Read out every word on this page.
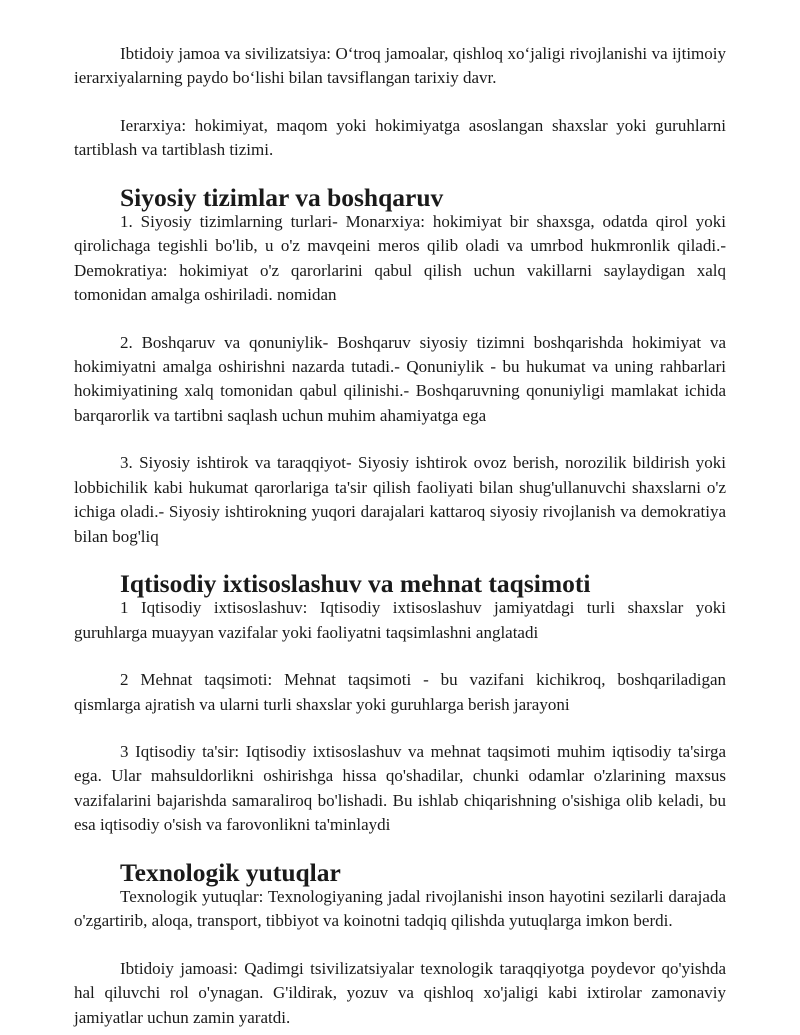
Ibtidoiy jamoa va sivilizatsiya: O‘troq jamoalar, qishloq xo‘jaligi rivojlanishi va ijtimoiy ierarxiyalarning paydo bo‘lishi bilan tavsiflangan tarixiy davr.

Ierarxiya: hokimiyat, maqom yoki hokimiyatga asoslangan shaxslar yoki guruhlarni tartiblash va tartiblash tizimi.

Siyosiy tizimlar va boshqaruv

1. Siyosiy tizimlarning turlari- Monarxiya: hokimiyat bir shaxsga, odatda qirol yoki qirolichaga tegishli bo'lib, u o'z mavqeini meros qilib oladi va umrbod hukmronlik qiladi.- Demokratiya: hokimiyat o'z qarorlarini qabul qilish uchun vakillarni saylaydigan xalq tomonidan amalga oshiriladi. nomidan

2. Boshqaruv va qonuniylik- Boshqaruv siyosiy tizimni boshqarishda hokimiyat va hokimiyatni amalga oshirishni nazarda tutadi.- Qonuniylik - bu hukumat va uning rahbarlari hokimiyatining xalq tomonidan qabul qilinishi.- Boshqaruvning qonuniyligi mamlakat ichida barqarorlik va tartibni saqlash uchun muhim ahamiyatga ega

3. Siyosiy ishtirok va taraqqiyot- Siyosiy ishtirok ovoz berish, norozilik bildirish yoki lobbichilik kabi hukumat qarorlariga ta'sir qilish faoliyati bilan shug'ullanuvchi shaxslarni o'z ichiga oladi.- Siyosiy ishtirokning yuqori darajalari kattaroq siyosiy rivojlanish va demokratiya bilan bog'liq

Iqtisodiy ixtisoslashuv va mehnat taqsimoti

1 Iqtisodiy ixtisoslashuv: Iqtisodiy ixtisoslashuv jamiyatdagi turli shaxslar yoki guruhlarga muayyan vazifalar yoki faoliyatni taqsimlashni anglatadi

2 Mehnat taqsimoti: Mehnat taqsimoti - bu vazifani kichikroq, boshqariladigan qismlarga ajratish va ularni turli shaxslar yoki guruhlarga berish jarayoni

3 Iqtisodiy ta'sir: Iqtisodiy ixtisoslashuv va mehnat taqsimoti muhim iqtisodiy ta'sirga ega. Ular mahsuldorlikni oshirishga hissa qo'shadilar, chunki odamlar o'zlarining maxsus vazifalarini bajarishda samaraliroq bo'lishadi. Bu ishlab chiqarishning o'sishiga olib keladi, bu esa iqtisodiy o'sish va farovonlikni ta'minlaydi

Texnologik yutuqlar

Texnologik yutuqlar: Texnologiyaning jadal rivojlanishi inson hayotini sezilarli darajada o'zgartirib, aloqa, transport, tibbiyot va koinotni tadqiq qilishda yutuqlarga imkon berdi.

Ibtidoiy jamoasi: Qadimgi tsivilizatsiyalar texnologik taraqqiyotga poydevor qo'yishda hal qiluvchi rol o'ynagan. G'ildirak, yozuv va qishloq xo'jaligi kabi ixtirolar zamonaviy jamiyatlar uchun zamin yaratdi.
